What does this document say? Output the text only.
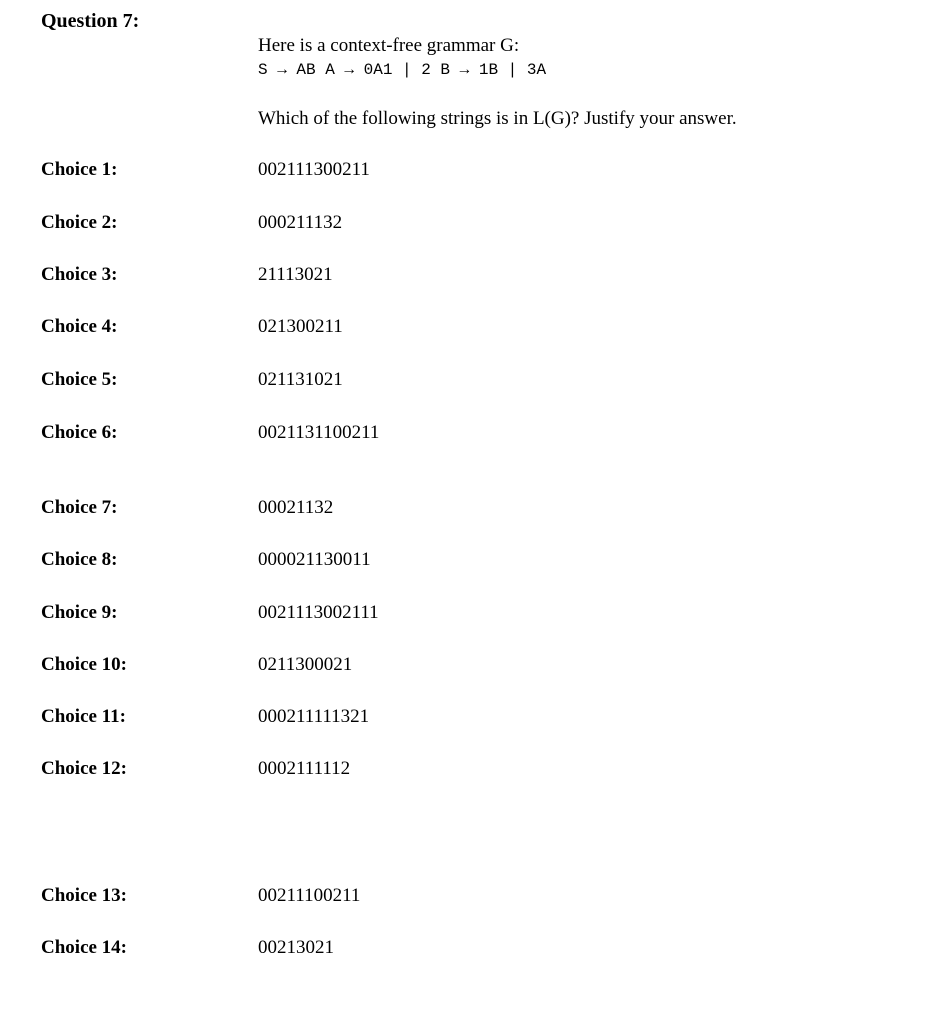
Question 7:
Here is a context-free grammar G:
S → AB A → 0A1 | 2 B → 1B | 3A
Which of the following strings is in L(G)? Justify your answer.
Choice 1:	002111300211
Choice 2:	000211132
Choice 3:	21113021
Choice 4:	021300211
Choice 5:	021131021
Choice 6:	0021131100211
Choice 7:	00021132
Choice 8:	000021130011
Choice 9:	0021113002111
Choice 10:	0211300021
Choice 11:	000211111321
Choice 12:	0002111112
Choice 13:	00211100211
Choice 14:	00213021
